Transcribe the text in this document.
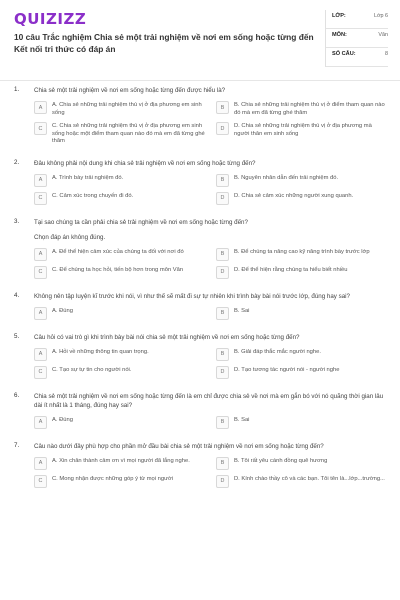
QUIZIZZ
10 câu Trắc nghiệm Chia sẻ một trải nghiệm về nơi em sống hoặc từng đến Kết nối tri thức có đáp án
LỚP:	Lớp 6
MÔN:	Văn
SỐ CÂU:	8
1. Chia sẻ một trải nghiệm về nơi em sống hoặc từng đến được hiểu là?
A	A. Chia sẻ những trải nghiệm thú vị ở địa phương em sinh sống
B	B. Chia sẻ những trải nghiệm thú vị ở điểm tham quan nào đó mà em đã từng ghé thăm
C	C. Chia sẻ những trải nghiệm thú vị ở địa phương em sinh sống hoặc một điểm tham quan nào đó mà em đã từng ghé thăm
D	D. Chia sẻ những trải nghiệm thú vị ở địa phương mà người thân em sinh sống
2. Đâu không phải nội dung khi chia sẻ trải nghiệm về nơi em sống hoặc từng đến?
A	A. Trình bày trải nghiệm đó.	B	B. Nguyên nhân dẫn đến trải nghiệm đó.
C	C. Cảm xúc trong chuyến đi đó.	D	D. Chia sẻ cảm xúc những người xung quanh.
3. Tại sao chúng ta cần phải chia sẻ trải nghiệm về nơi em sống hoặc từng đến?
Chọn đáp án không đúng.
A	A. Để thể hiện cảm xúc của chúng ta đối với nơi đó	B	B. Để chúng ta nâng cao kỹ năng trình bày trước lớp
C	C. Để chúng ta học hỏi, tiến bộ hơn trong môn Văn	D	D. Để thể hiện rằng chúng ta hiểu biết nhiều
4. Không nên tập luyện kĩ trước khi nói, vì như thế sẽ mất đi sự tự nhiên khi trình bày bài nói trước lớp, đúng hay sai?
A	A. Đúng	B	B. Sai
5. Câu hỏi có vai trò gì khi trình bày bài nói chia sẻ một trải nghiệm về nơi em sống hoặc từng đến?
A	A. Hỏi về những thông tin quan trọng.	B	B. Giải đáp thắc mắc người nghe.
C	C. Tạo sự tự tin cho người nói.	D	D. Tạo tương tác người nói - người nghe
6. Chia sẻ một trải nghiệm về nơi em sống hoặc từng đến là em chỉ được chia sẻ về nơi mà em gắn bó với nó quãng thời gian lâu dài ít nhất là 1 tháng, đúng hay sai?
A	A. Đúng	B	B. Sai
7. Câu nào dưới đây phù hợp cho phần mở đầu bài chia sẻ một trải nghiệm về nơi em sống hoặc từng đến?
A	A. Xin chân thành cảm ơn vì mọi người đã lắng nghe.	B	B. Tôi rất yêu cánh đồng quê hương
C	C. Mong nhận được những góp ý từ mọi người	D	D. Kính chào thầy cô và các bạn. Tôi tên là...lớp...trường...
